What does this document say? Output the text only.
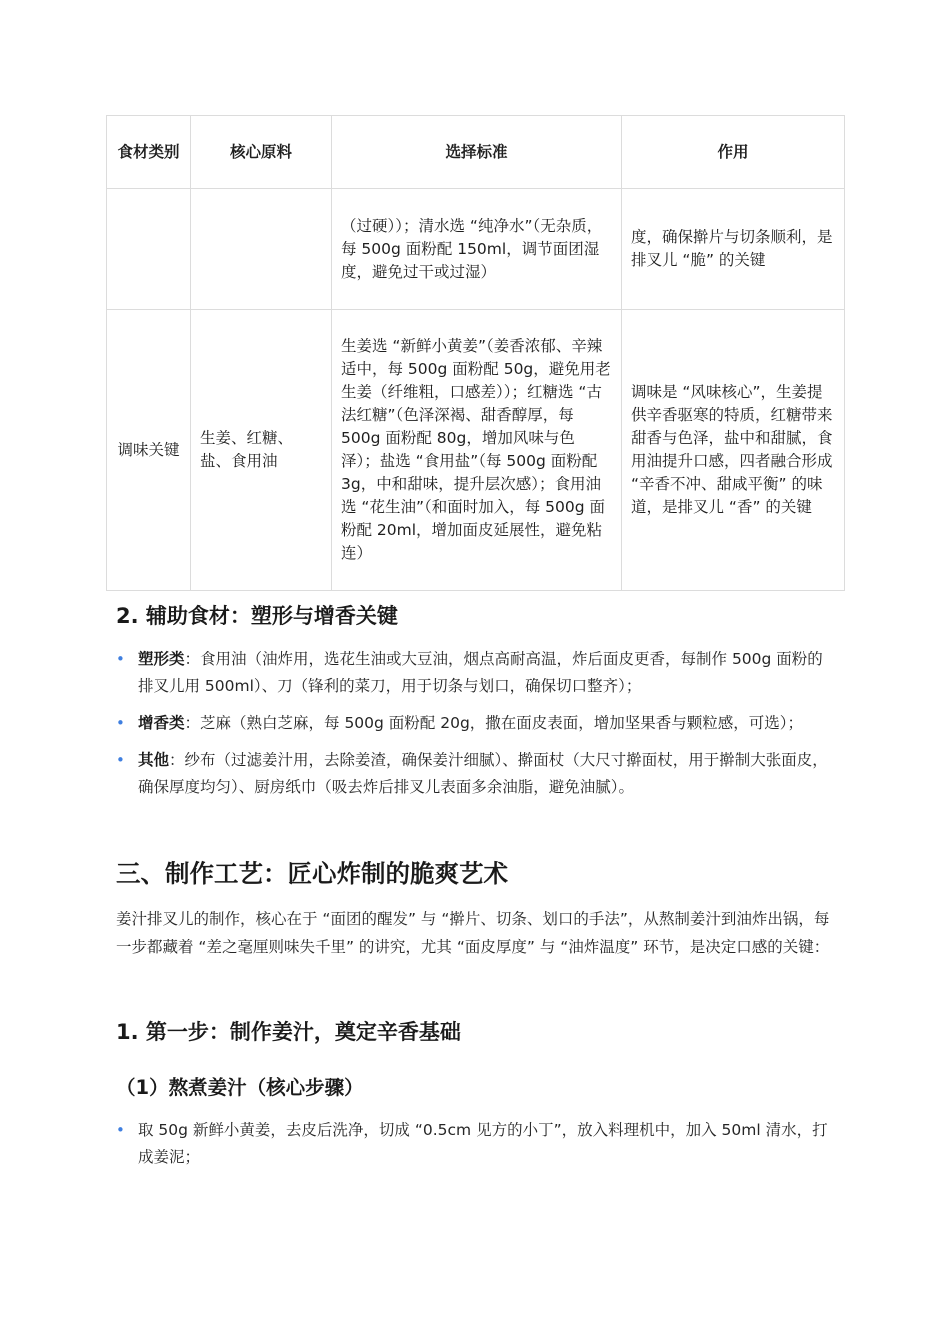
食材类别	核心原料	选择标准	作用
		（过硬））；清水选 “纯净水”（无杂质，每 500g 面粉配 150ml，调节面团湿度，避免过干或过湿）	度，确保擀片与切条顺利，是排叉儿 “脆” 的关键
调味关键	生姜、红糖、盐、食用油	生姜选 “新鲜小黄姜”（姜香浓郁、辛辣适中，每 500g 面粉配 50g，避免用老生姜（纤维粗，口感差））；红糖选 “古法红糖”（色泽深褐、甜香醇厚，每 500g 面粉配 80g，增加风味与色泽）；盐选 “食用盐”（每 500g 面粉配 3g，中和甜味，提升层次感）；食用油选 “花生油”（和面时加入，每 500g 面粉配 20ml，增加面皮延展性，避免粘连）	调味是 “风味核心”，生姜提供辛香驱寒的特质，红糖带来甜香与色泽，盐中和甜腻，食用油提升口感，四者融合形成 “辛香不冲、甜咸平衡” 的味道，是排叉儿 “香” 的关键
2. 辅助食材：塑形与增香关键
• 塑形类：食用油（油炸用，选花生油或大豆油，烟点高耐高温，炸后面皮更香，每制作 500g 面粉的排叉儿用 500ml）、刀（锋利的菜刀，用于切条与划口，确保切口整齐）；
• 增香类：芝麻（熟白芝麻，每 500g 面粉配 20g，撒在面皮表面，增加坚果香与颗粒感，可选）；
• 其他：纱布（过滤姜汁用，去除姜渣，确保姜汁细腻）、擀面杖（大尺寸擀面杖，用于擀制大张面皮，确保厚度均匀）、厨房纸巾（吸去炸后排叉儿表面多余油脂，避免油腻）。
三、制作工艺：匠心炸制的脆爽艺术

姜汁排叉儿的制作，核心在于 “面团的醒发” 与 “擀片、切条、划口的手法”，从熬制姜汁到油炸出锅，每一步都藏着 “差之毫厘则味失千里” 的讲究，尤其 “面皮厚度” 与 “油炸温度” 环节，是决定口感的关键：

1. 第一步：制作姜汁，奠定辛香基础
（1）熬煮姜汁（核心步骤）
• 取 50g 新鲜小黄姜，去皮后洗净，切成 “0.5cm 见方的小丁”，放入料理机中，加入 50ml 清水，打成姜泥；
